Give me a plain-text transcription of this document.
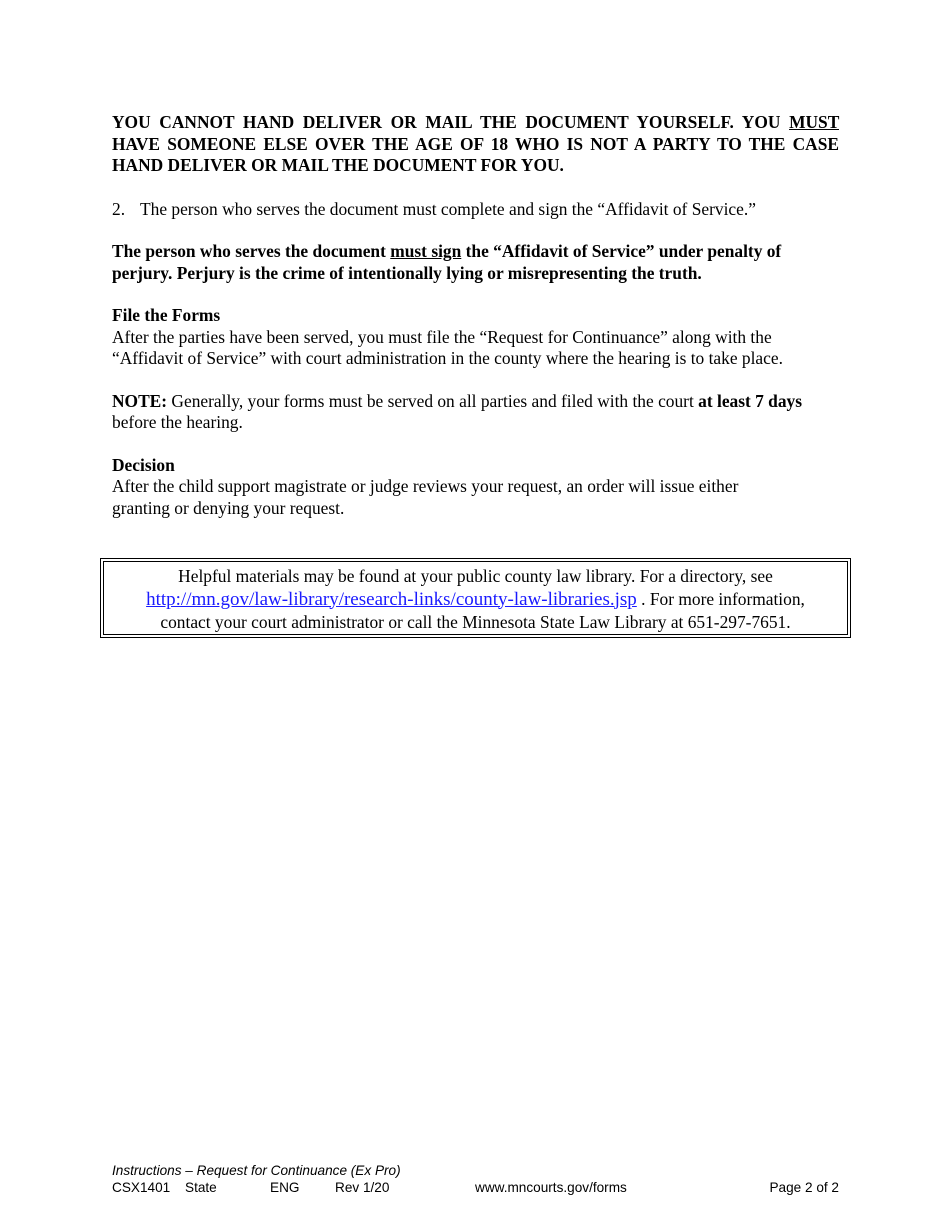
YOU CANNOT HAND DELIVER OR MAIL THE DOCUMENT YOURSELF. YOU MUST HAVE SOMEONE ELSE OVER THE AGE OF 18 WHO IS NOT A PARTY TO THE CASE HAND DELIVER OR MAIL THE DOCUMENT FOR YOU.

2. The person who serves the document must complete and sign the “Affidavit of Service.”

The person who serves the document must sign the “Affidavit of Service” under penalty of perjury. Perjury is the crime of intentionally lying or misrepresenting the truth.

File the Forms

After the parties have been served, you must file the “Request for Continuance” along with the “Affidavit of Service” with court administration in the county where the hearing is to take place.

NOTE: Generally, your forms must be served on all parties and filed with the court at least 7 days before the hearing.

Decision

After the child support magistrate or judge reviews your request, an order will issue either granting or denying your request.

Helpful materials may be found at your public county law library. For a directory, see
http://mn.gov/law-library/research-links/county-law-libraries.jsp . For more information,
contact your court administrator or call the Minnesota State Law Library at 651-297-7651.
Instructions – Request for Continuance (Ex Pro)
CSX1401 State	ENG	Rev 1/20	www.mncourts.gov/forms	Page 2 of 2
